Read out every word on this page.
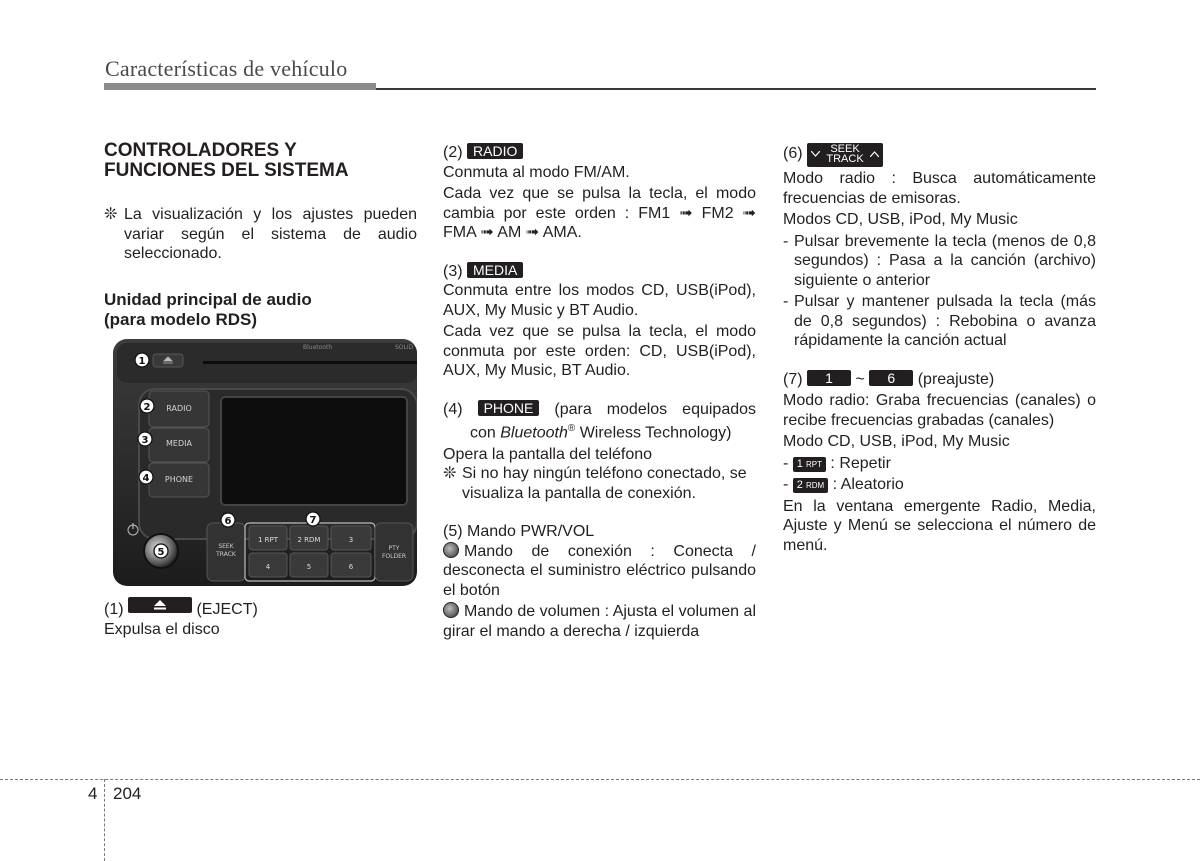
Características de vehículo

CONTROLADORES Y
FUNCIONES DEL SISTEMA

❊ La visualización y los ajustes pueden variar según el sistema de audio seleccionado.

Unidad principal de audio
(para modelo RDS)

Bluetooth	SOLID
RADIO
MEDIA
PHONE
SEEK
TRACK
1 RPT	2 RDM	3
4	5	6
PTY
FOLDER
1
2
3
4
5
6	7

(1)	(EJECT)

Expulsa el disco

(2) RADIO

Conmuta al modo FM/AM.

Cada vez que se pulsa la tecla, el modo cambia por este orden : FM1 ➟ FM2 ➟ FMA ➟ AM ➟ AMA.

(3) MEDIA

Conmuta entre los modos CD, USB(iPod), AUX, My Music y BT Audio.

Cada vez que se pulsa la tecla, el modo conmuta por este orden: CD, USB(iPod), AUX, My Music, BT Audio.

(4) PHONE (para modelos equipados

con Bluetooth® Wireless Technology)

Opera la pantalla del teléfono

❊ Si no hay ningún teléfono conectado, se visualiza la pantalla de conexión.

(5) Mando PWR/VOL

Mando de conexión : Conecta / desconecta el suministro eléctrico pulsando el botón

Mando de volumen : Ajusta el volumen al girar el mando a derecha / izquierda

(6)	SEEK
TRACK

Modo radio : Busca automáticamente frecuencias de emisoras.

Modos CD, USB, iPod, My Music

- Pulsar brevemente la tecla (menos de 0,8 segundos) : Pasa a la canción (archivo) siguiente o anterior

- Pulsar y mantener pulsada la tecla (más de 0,8 segundos) : Rebobina o avanza rápidamente la canción actual

(7) 1 ~ 6 (preajuste)

Modo radio: Graba frecuencias (canales) o recibe frecuencias grabadas (canales)

Modo CD, USB, iPod, My Music

- 1 RPT : Repetir

- 2 RDM : Aleatorio

En la ventana emergente Radio, Media, Ajuste y Menú se selecciona el número de menú.

4 204
